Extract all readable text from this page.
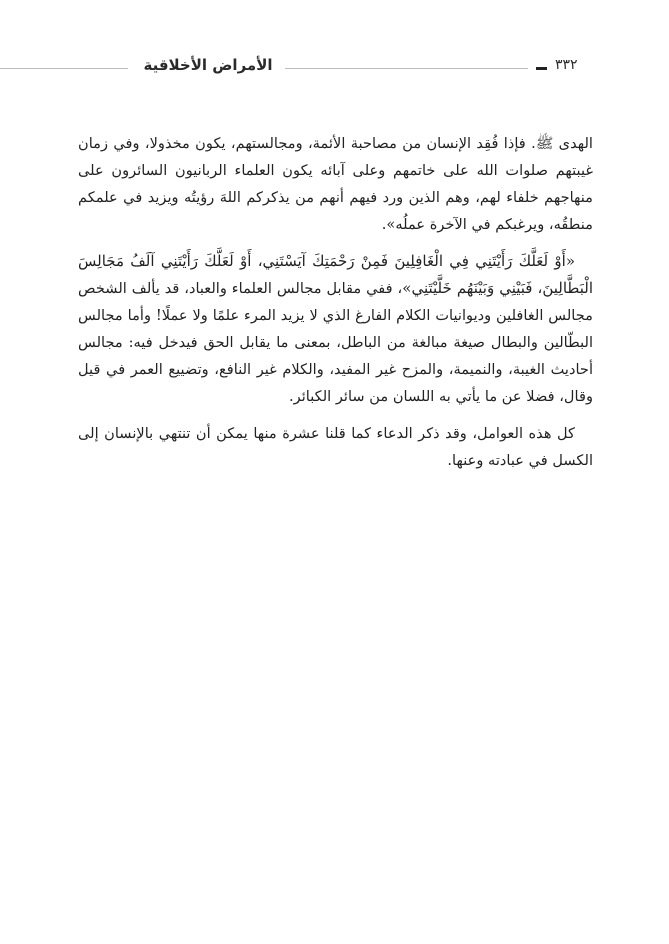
الأمراض الأخلاقية	٣٣٢

الهدى ﷺ. فإذا فُقِد الإنسان من مصاحبة الأئمة، ومجالستهم، يكون مخذولا، وفي زمان غيبتهم صلوات الله على خاتمهم وعلى آبائه يكون العلماء الربانيون السائرون على منهاجهم خلفاء لهم، وهم الذين ورد فيهم أنهم من يذكركم اللهَ رؤيتُه ويزيد في علمكم منطقُه، ويرغبكم في الآخرة عملُه».

«أَوْ لَعَلَّكَ رَأَيْتَنِي فِي الْغَافِلِينَ فَمِنْ رَحْمَتِكَ آيَسْتَنِي، أَوْ لَعَلَّكَ رَأَيْتَنِي آلَفُ مَجَالِسَ الْبَطَّالِينَ، فَبَيْنِي وَبَيْنَهُم خَلَّيْتَنِي»، ففي مقابل مجالس العلماء والعباد، قد يألف الشخص مجالس الغافلين وديوانيات الكلام الفارغ الذي لا يزيد المرء علمًا ولا عملًا! وأما مجالس البطّالين والبطال صيغة مبالغة من الباطل، بمعنى ما يقابل الحق فيدخل فيه: مجالس أحاديث الغيبة، والنميمة، والمزح غير المفيد، والكلام غير النافع، وتضييع العمر في قيل وقال، فضلا عن ما يأتي به اللسان من سائر الكبائر.

كل هذه العوامل، وقد ذكر الدعاء كما قلنا عشرة منها يمكن أن تنتهي بالإنسان إلى الكسل في عبادته وعنها.
